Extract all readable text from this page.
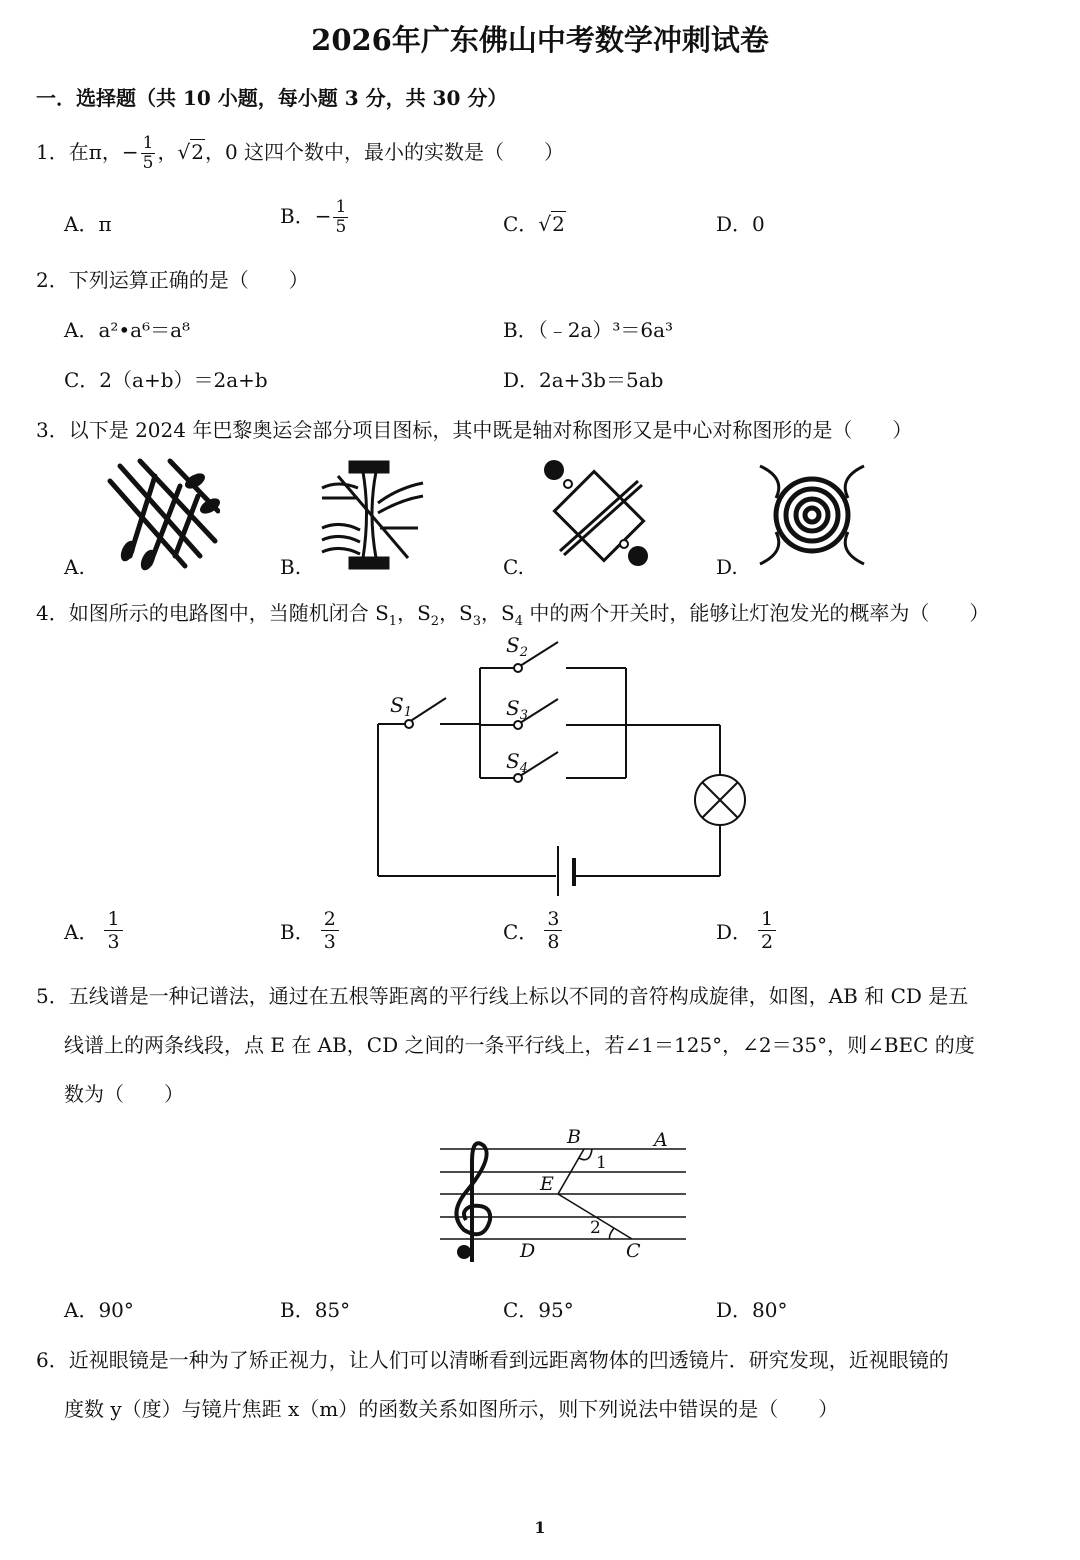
2026年广东佛山中考数学冲刺试卷
一．选择题（共 10 小题，每小题 3 分，共 30 分）
1．在π，− $\frac{1}{5}$ ，√2，0 这四个数中，最小的实数是（　　）
A．π	B．− $\frac{1}{5}$	C．√2	D．0
2．下列运算正确的是（　　）
A．a²•a⁶＝a⁸	B．（﹣2a）³＝6a³
C．2（a+b）＝2a+b	D．2a+3b＝5ab
3．以下是 2024 年巴黎奥运会部分项目图标，其中既是轴对称图形又是中心对称图形的是（　　）
A.	B.	C.	D.
4．如图所示的电路图中，当随机闭合 $S_1$，$S_2$，$S_3$，$S_4$ 中的两个开关时，能够让灯泡发光的概率为（　　）
$S_1$
$S_2$
$S_3$
$S_4$
A． $\frac{1}{3}$	B． $\frac{2}{3}$	C． $\frac{3}{8}$	D． $\frac{1}{2}$
5．五线谱是一种记谱法，通过在五根等距离的平行线上标以不同的音符构成旋律，如图，AB 和 CD 是五
线谱上的两条线段，点 E 在 AB，CD 之间的一条平行线上，若∠1＝125°，∠2＝35°，则∠BEC 的度
数为（　　）
B	A
E
D	C
1
2
A．90°	B．85°	C．95°	D．80°
6．近视眼镜是一种为了矫正视力，让人们可以清晰看到远距离物体的凹透镜片．研究发现，近视眼镜的
度数 y（度）与镜片焦距 x（m）的函数关系如图所示，则下列说法中错误的是（　　）
1
